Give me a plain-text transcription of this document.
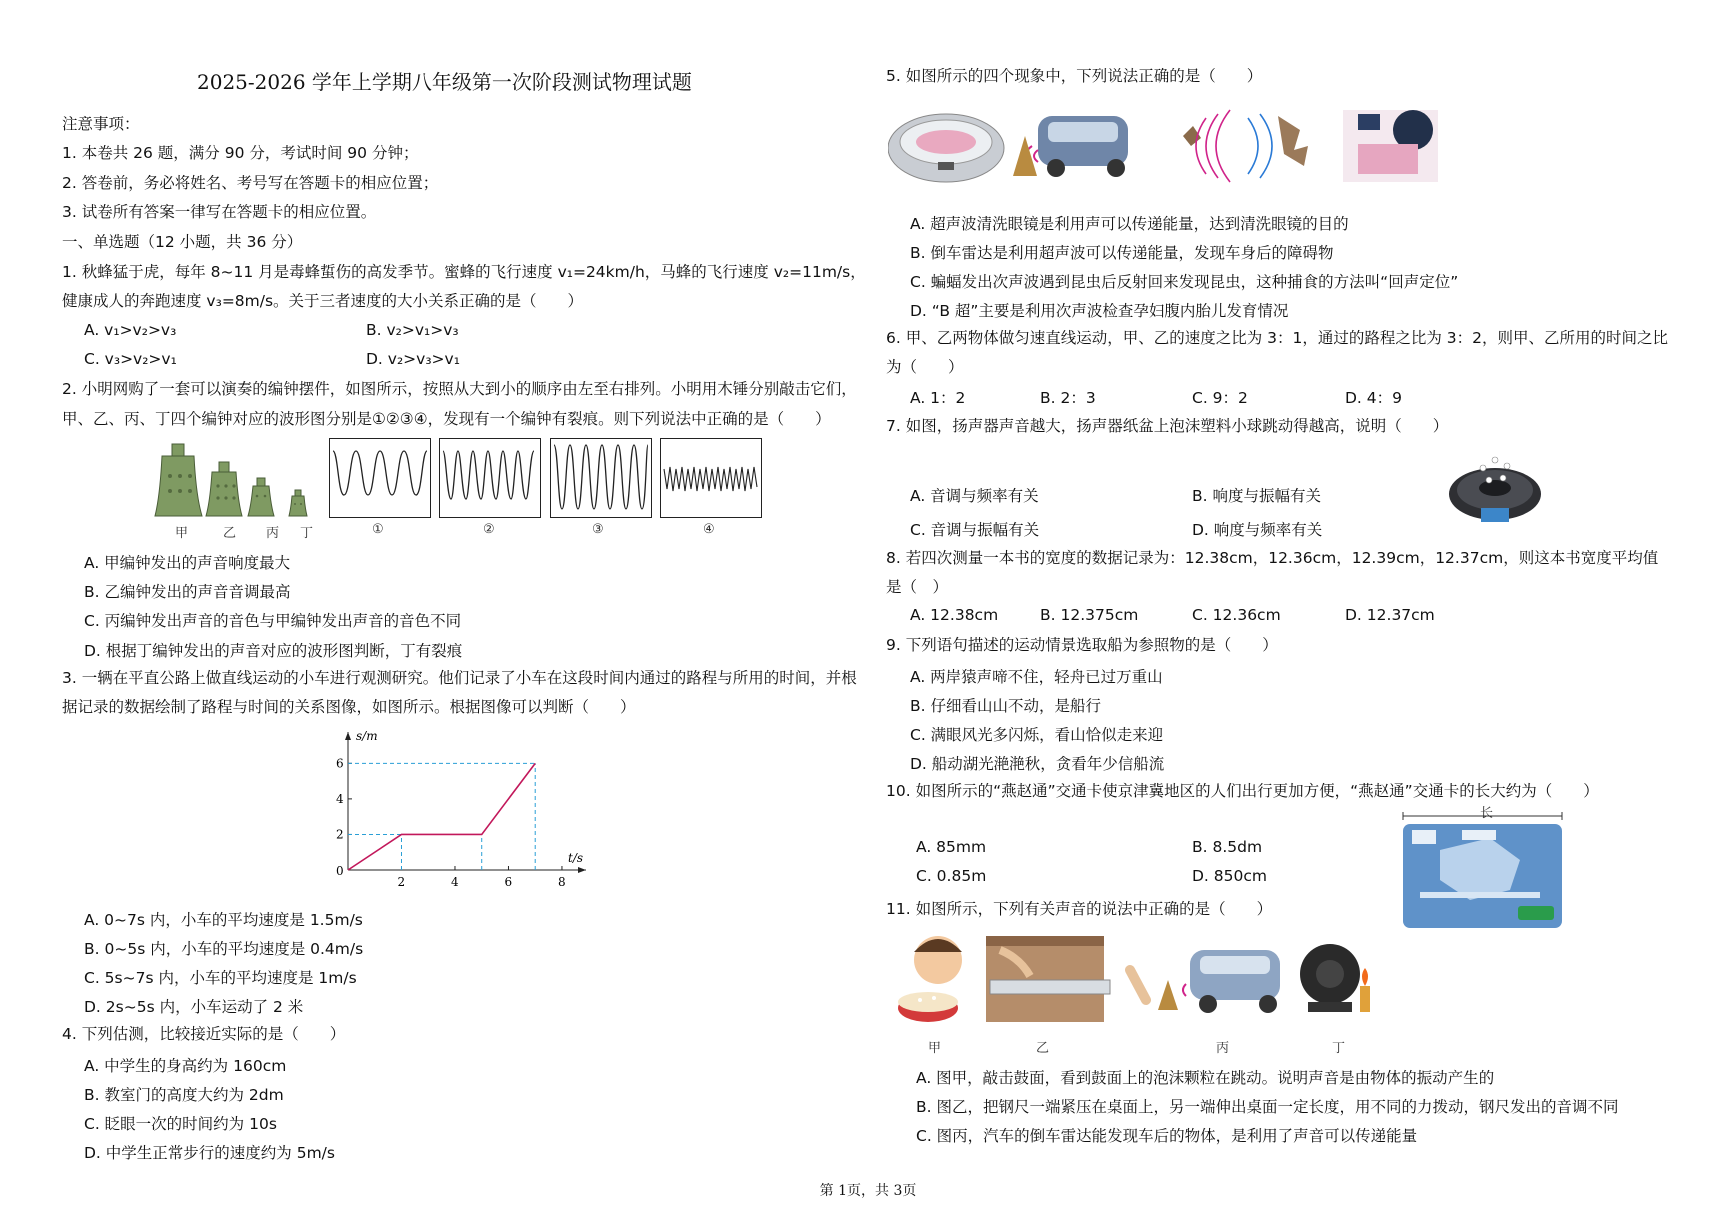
2025-2026 学年上学期八年级第一次阶段测试物理试题
注意事项：
1. 本卷共 26 题，满分 90 分，考试时间 90 分钟；
2. 答卷前，务必将姓名、考号写在答题卡的相应位置；
3. 试卷所有答案一律写在答题卡的相应位置。
一、单选题（12 小题，共 36 分）
1. 秋蜂猛于虎，每年 8~11 月是毒蜂蜇伤的高发季节。蜜蜂的飞行速度 v₁=24km/h，马蜂的飞行速度 v₂=11m/s，
健康成人的奔跑速度 v₃=8m/s。关于三者速度的大小关系正确的是（　　）
A. v₁>v₂>v₃	B. v₂>v₁>v₃
C. v₃>v₂>v₁	D. v₂>v₃>v₁
2. 小明网购了一套可以演奏的编钟摆件，如图所示，按照从大到小的顺序由左至右排列。小明用木锤分别敲击它们，
甲、乙、丙、丁四个编钟对应的波形图分别是①②③④，发现有一个编钟有裂痕。则下列说法中正确的是（　　）
甲	乙 丙 丁	①	②	③	④
A. 甲编钟发出的声音响度最大
B. 乙编钟发出的声音音调最高
C. 丙编钟发出声音的音色与甲编钟发出声音的音色不同
D. 根据丁编钟发出的声音对应的波形图判断，丁有裂痕
3. 一辆在平直公路上做直线运动的小车进行观测研究。他们记录了小车在这段时间内通过的路程与所用的时间，并根
据记录的数据绘制了路程与时间的关系图像，如图所示。根据图像可以判断（　　）
s/m
t/s
0
2	4	6	8
2
4
6
A. 0~7s 内，小车的平均速度是 1.5m/s
B. 0~5s 内，小车的平均速度是 0.4m/s
C. 5s~7s 内，小车的平均速度是 1m/s
D. 2s~5s 内，小车运动了 2 米
4. 下列估测，比较接近实际的是（　　）
A. 中学生的身高约为 160cm
B. 教室门的高度大约为 2dm
C. 眨眼一次的时间约为 10s
D. 中学生正常步行的速度约为 5m/s
5. 如图所示的四个现象中，下列说法正确的是（　　）
A. 超声波清洗眼镜是利用声可以传递能量，达到清洗眼镜的目的
B. 倒车雷达是利用超声波可以传递能量，发现车身后的障碍物
C. 蝙蝠发出次声波遇到昆虫后反射回来发现昆虫，这种捕食的方法叫“回声定位”
D. “B 超”主要是利用次声波检查孕妇腹内胎儿发育情况
6. 甲、乙两物体做匀速直线运动，甲、乙的速度之比为 3：1，通过的路程之比为 3：2，则甲、乙所用的时间之比
为（　　）
A. 1：2	B. 2：3	C. 9：2	D. 4：9
7. 如图，扬声器声音越大，扬声器纸盆上泡沫塑料小球跳动得越高，说明（　　）
A. 音调与频率有关	B. 响度与振幅有关
C. 音调与振幅有关	D. 响度与频率有关
8. 若四次测量一本书的宽度的数据记录为：12.38cm，12.36cm，12.39cm，12.37cm，则这本书宽度平均值
是（　）
A. 12.38cm	B. 12.375cm	C. 12.36cm	D. 12.37cm
9. 下列语句描述的运动情景选取船为参照物的是（　　）
A. 两岸猿声啼不住，轻舟已过万重山
B. 仔细看山山不动，是船行
C. 满眼风光多闪烁，看山恰似走来迎
D. 船动湖光滟滟秋，贪看年少信船流
10. 如图所示的“燕赵通”交通卡使京津冀地区的人们出行更加方便，“燕赵通”交通卡的长大约为（　　）
长
A. 85mm	B. 8.5dm
C. 0.85m	D. 850cm
11. 如图所示，下列有关声音的说法中正确的是（　　）
甲	乙	丙	丁
A. 图甲，敲击鼓面，看到鼓面上的泡沫颗粒在跳动。说明声音是由物体的振动产生的
B. 图乙，把钢尺一端紧压在桌面上，另一端伸出桌面一定长度，用不同的力拨动，钢尺发出的音调不同
C. 图丙，汽车的倒车雷达能发现车后的物体，是利用了声音可以传递能量
第 1页，共 3页
